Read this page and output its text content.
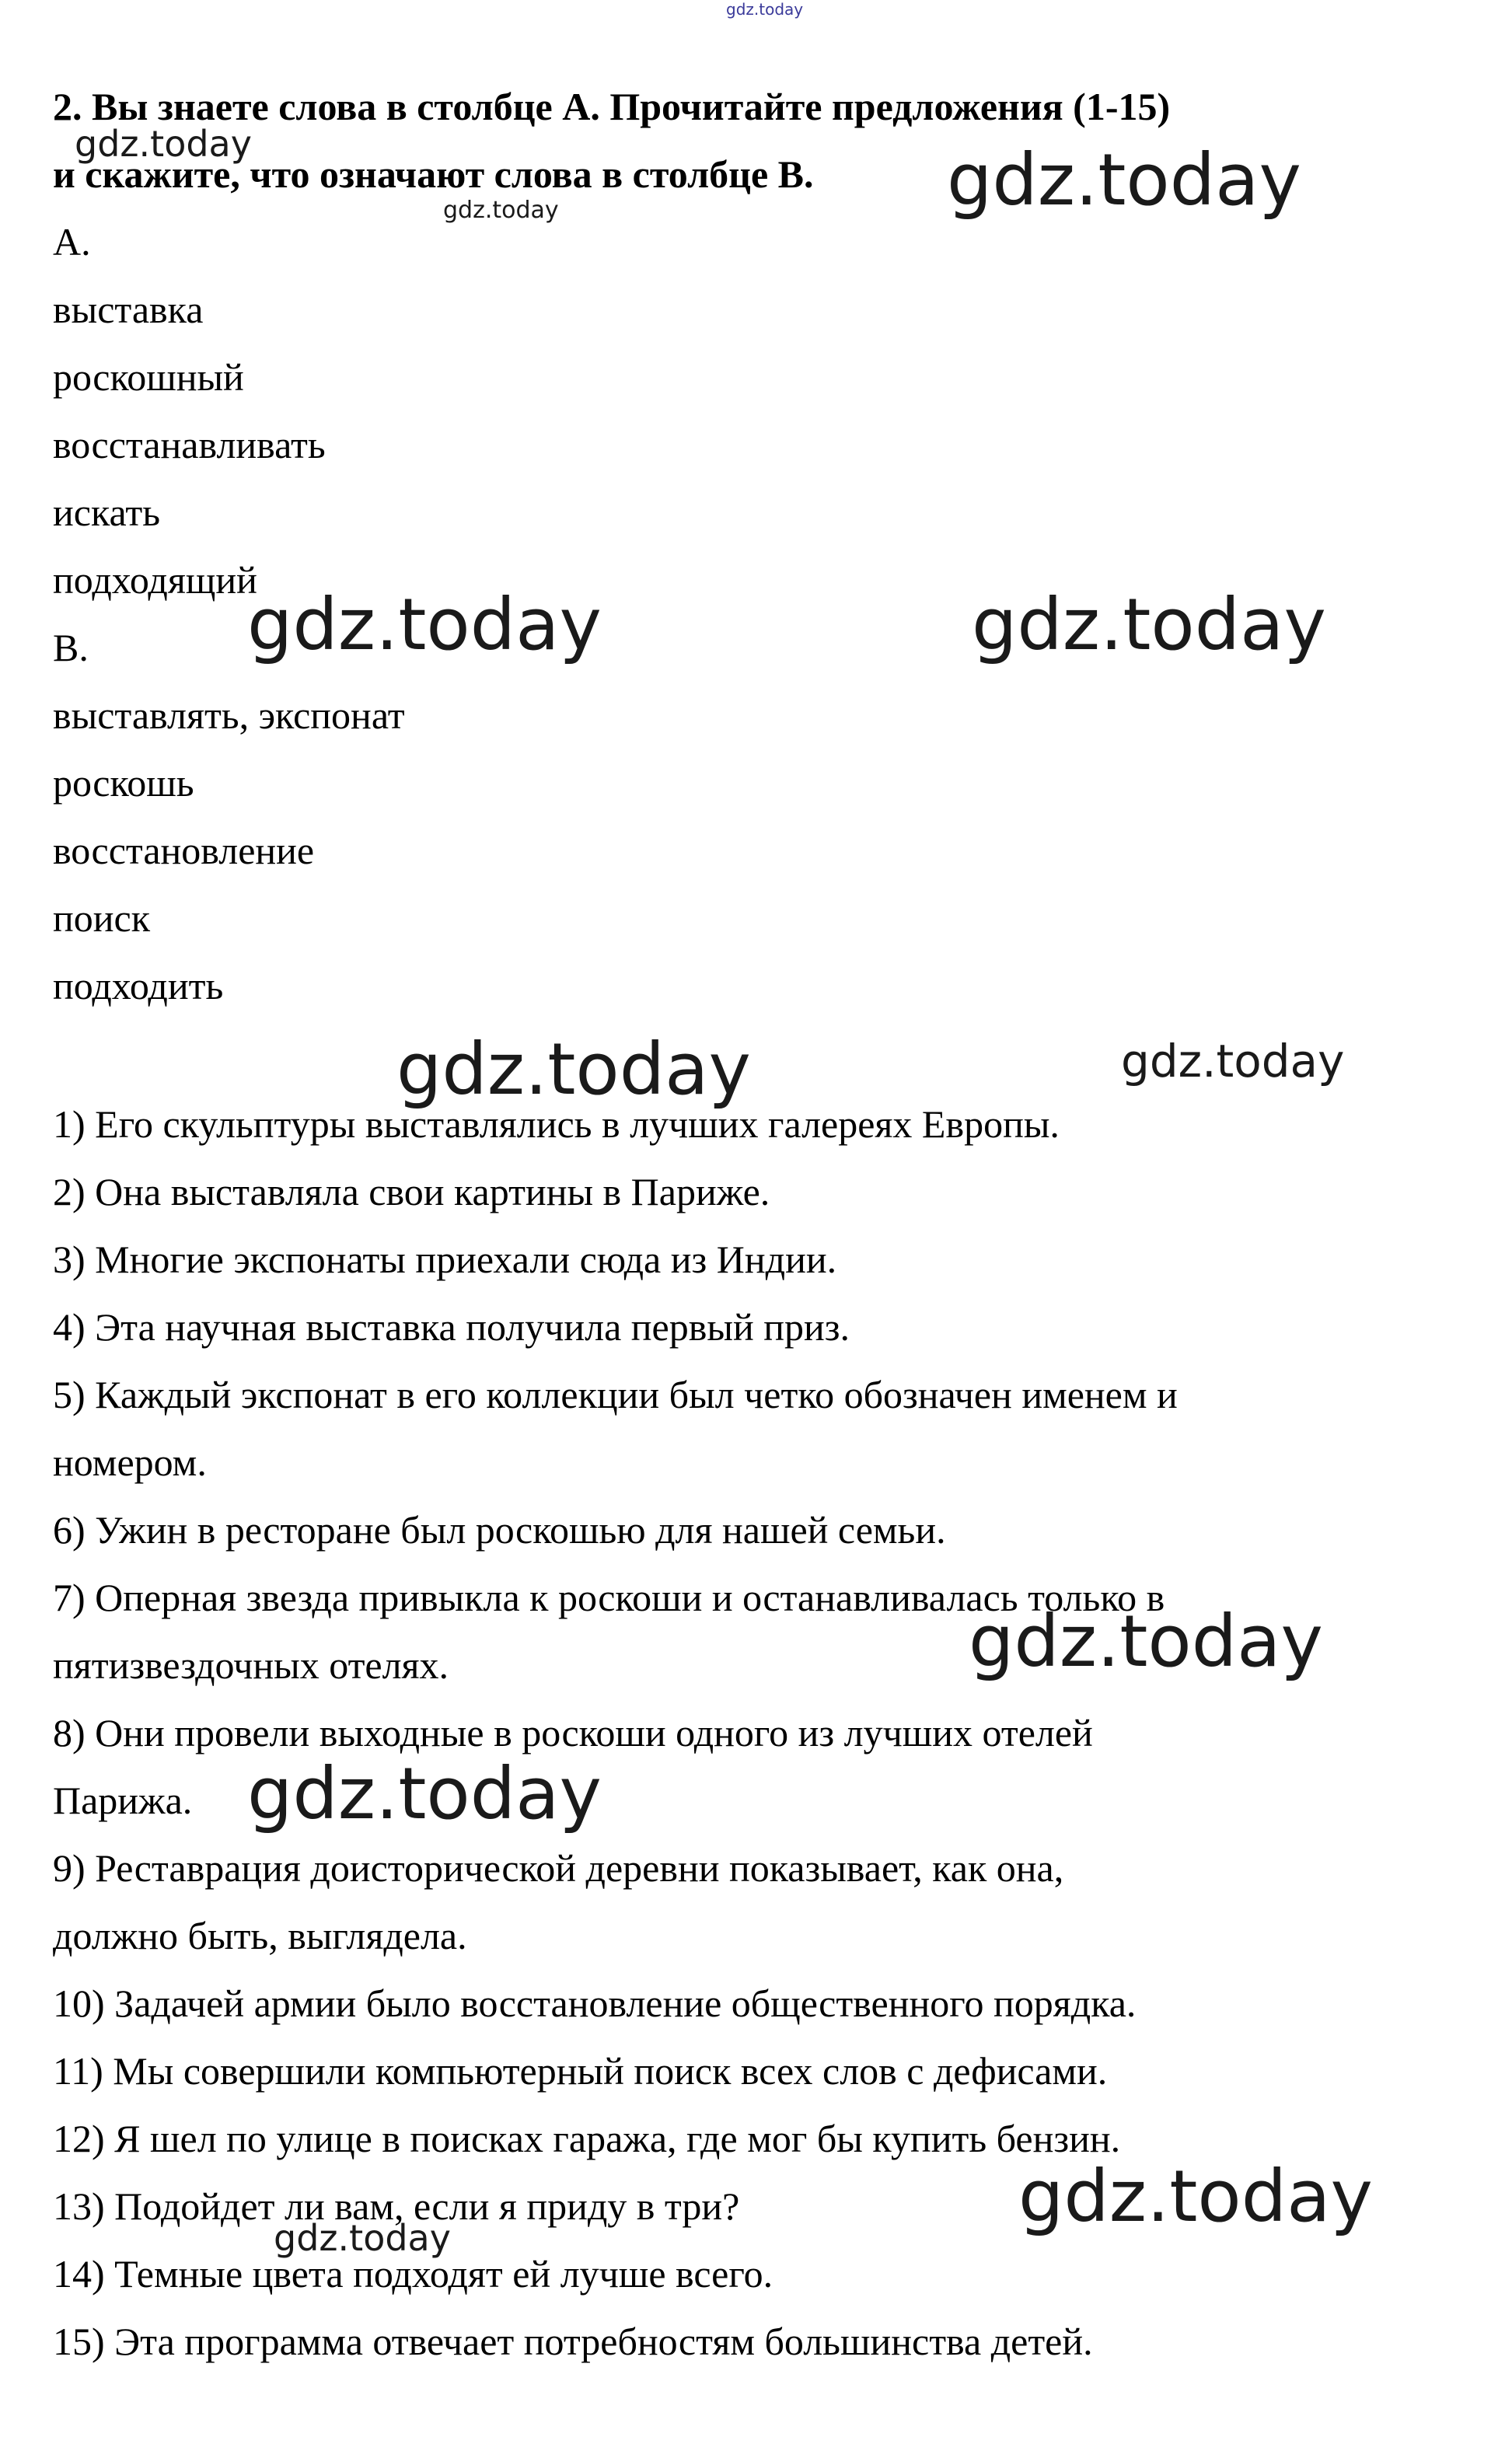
2. Вы знаете слова в столбце А. Прочитайте предложения (1-15)
и скажите, что означают слова в столбце В.
А.
выставка
роскошный
восстанавливать
искать
подходящий
В.
выставлять, экспонат
роскошь
восстановление
поиск
подходить
1) Его скульптуры выставлялись в лучших галереях Европы.
2) Она выставляла свои картины в Париже.
3) Многие экспонаты приехали сюда из Индии.
4) Эта научная выставка получила первый приз.
5) Каждый экспонат в его коллекции был четко обозначен именем и
номером.
6) Ужин в ресторане был роскошью для нашей семьи.
7) Оперная звезда привыкла к роскоши и останавливалась только в
пятизвездочных отелях.
8) Они провели выходные в роскоши одного из лучших отелей
Парижа.
9) Реставрация доисторической деревни показывает, как она,
должно быть, выглядела.
10) Задачей армии было восстановление общественного порядка.
11) Мы совершили компьютерный поиск всех слов с дефисами.
12) Я шел по улице в поисках гаража, где мог бы купить бензин.
13) Подойдет ли вам, если я приду в три?
14) Темные цвета подходят ей лучше всего.
15) Эта программа отвечает потребностям большинства детей.
gdz.today
gdz.today	gdz.today
gdz.today
gdz.today	gdz.today
gdz.today	gdz.today
gdz.today
gdz.today
gdz.today
gdz.today
